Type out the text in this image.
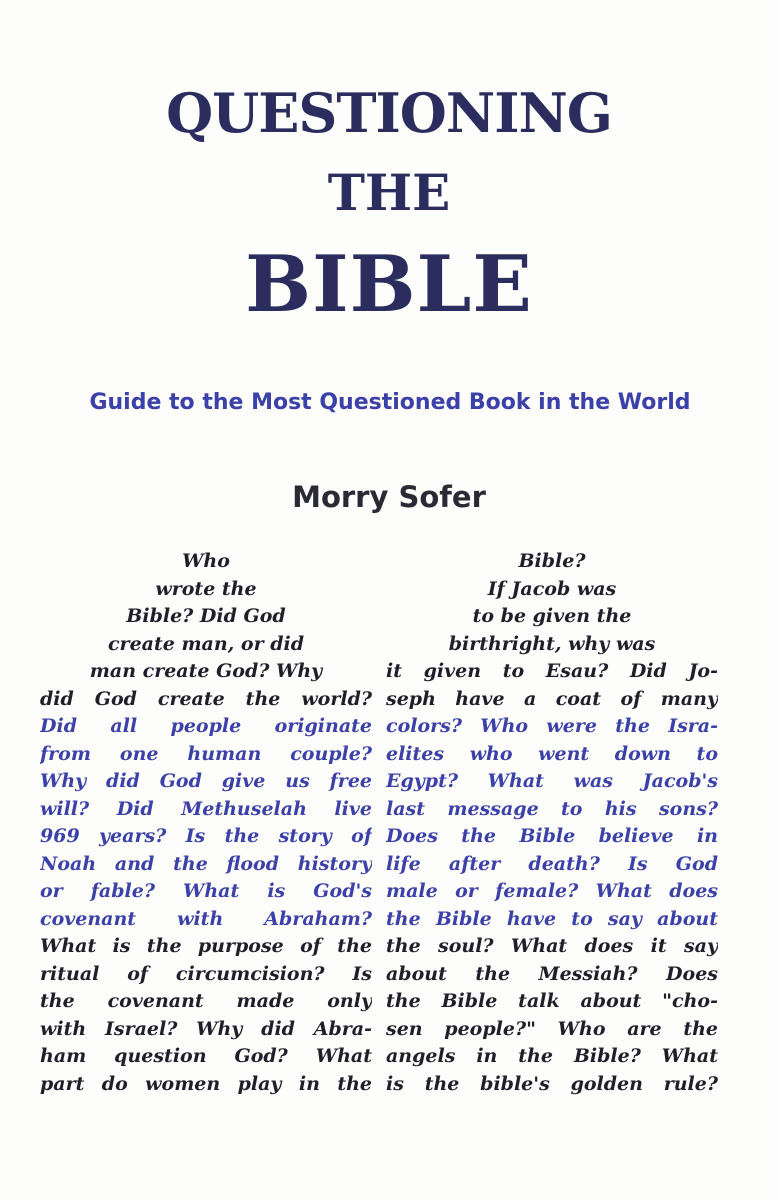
QUESTIONING
THE
BIBLE

Guide to the Most Questioned Book in the World

Morry Sofer

Who
wrote the
Bible? Did God
create man, or did
man create God? Why
did God create the world?
Did all people originate
from one human couple?
Why did God give us free
will? Did Methuselah live
969 years? Is the story of
Noah and the flood history
or fable? What is God's
covenant with Abraham?
What is the purpose of the
ritual of circumcision? Is
the covenant made only
with Israel? Why did Abra-
ham question God? What
part do women play in the
Bible?
If Jacob was
to be given the
birthright, why was
it given to Esau? Did Jo-
seph have a coat of many
colors? Who were the Isra-
elites who went down to
Egypt? What was Jacob's
last message to his sons?
Does the Bible believe in
life after death? Is God
male or female? What does
the Bible have to say about
the soul? What does it say
about the Messiah? Does
the Bible talk about "cho-
sen people?" Who are the
angels in the Bible? What
is the bible's golden rule?
